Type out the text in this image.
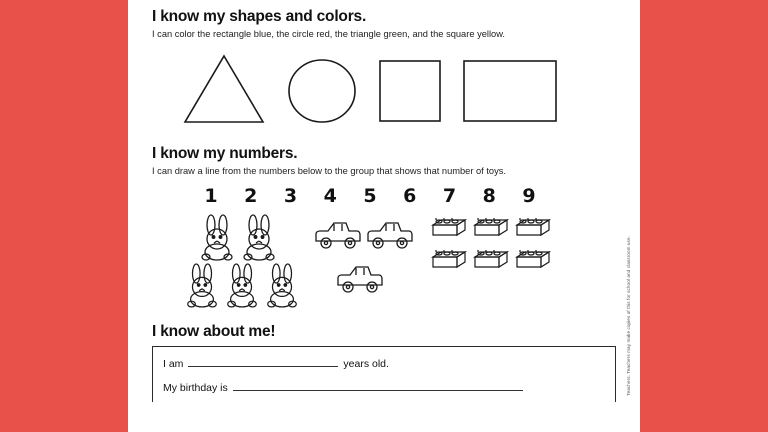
I know my shapes and colors.

I can color the rectangle blue, the circle red, the triangle green, and the square yellow.

I know my numbers.

I can draw a line from the numbers below to the group that shows that number of toys.

1 2 3 4 5 6 7 8 9
I know about me!
I am	years old.
My birthday is	Teachers. Teachers may make copies of this for school and classroom use.
